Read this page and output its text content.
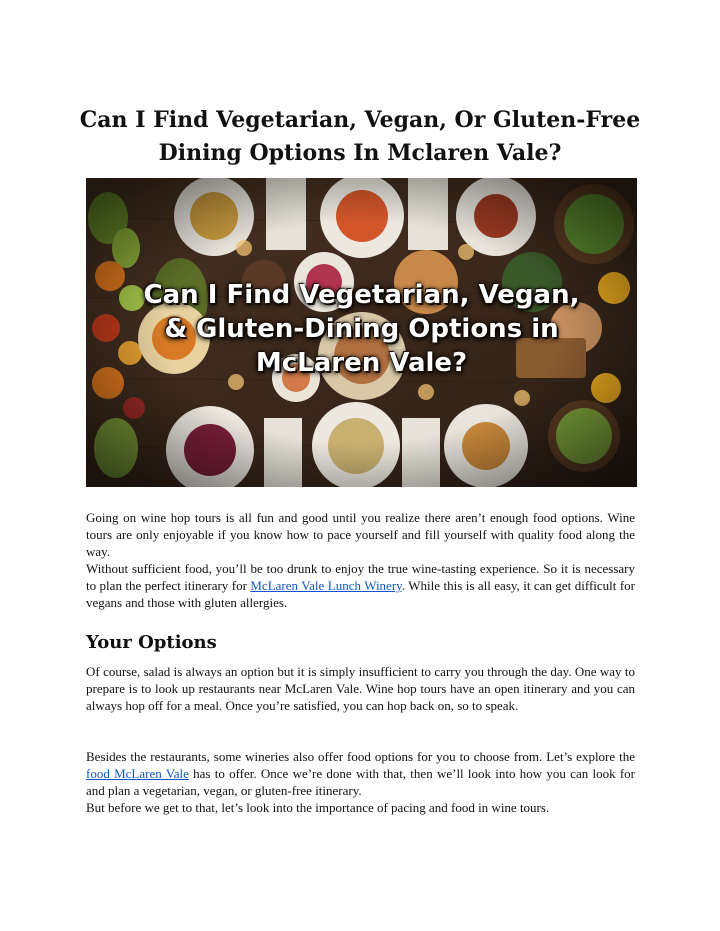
Can I Find Vegetarian, Vegan, Or Gluten-Free Dining Options In Mclaren Vale?
Can I Find Vegetarian, Vegan,
& Gluten-Dining Options in
McLaren Vale?

Going on wine hop tours is all fun and good until you realize there aren’t enough food options. Wine tours are only enjoyable if you know how to pace yourself and fill yourself with quality food along the way.

Without sufficient food, you’ll be too drunk to enjoy the true wine-tasting experience. So it is necessary to plan the perfect itinerary for McLaren Vale Lunch Winery. While this is all easy, it can get difficult for vegans and those with gluten allergies.

Your Options

Of course, salad is always an option but it is simply insufficient to carry you through the day. One way to prepare is to look up restaurants near McLaren Vale. Wine hop tours have an open itinerary and you can always hop off for a meal. Once you’re satisfied, you can hop back on, so to speak.

Besides the restaurants, some wineries also offer food options for you to choose from. Let’s explore the food McLaren Vale has to offer. Once we’re done with that, then we’ll look into how you can look for and plan a vegetarian, vegan, or gluten-free itinerary.

But before we get to that, let’s look into the importance of pacing and food in wine tours.
